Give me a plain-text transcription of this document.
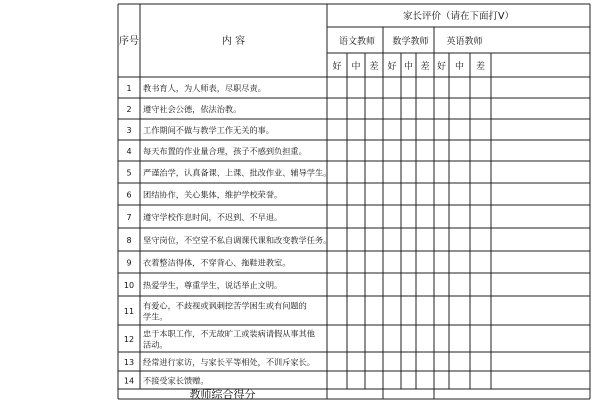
序号	内 容
家长评价（请在下面打V）
语文教师 数学教师 英语教师
好 中 差 好 中 差 好 中 差
1 教书育人，为人师表，尽职尽责。
2 遵守社会公德，依法治教。
3 工作期间不做与教学工作无关的事。
4 每天布置的作业量合理，孩子不感到负担重。
5 严谨治学，认真备课、上课、批改作业、辅导学生。
6 团结协作，关心集体，维护学校荣誉。
7 遵守学校作息时间，不迟到、不早退。
8 坚守岗位，不空堂不私自调课代课和改变教学任务。
9 衣着整洁得体，不穿背心、拖鞋进教室。
10 热爱学生，尊重学生，说话举止文明。
11
有爱心，不歧视或讽刺挖苦学困生或有问题的
学生。
12
忠于本职工作，不无故旷工或装病请假从事其他
活动。
13 经常进行家访，与家长平等相处，不训斥家长。
14 不接受家长馈赠。
教师综合得分
